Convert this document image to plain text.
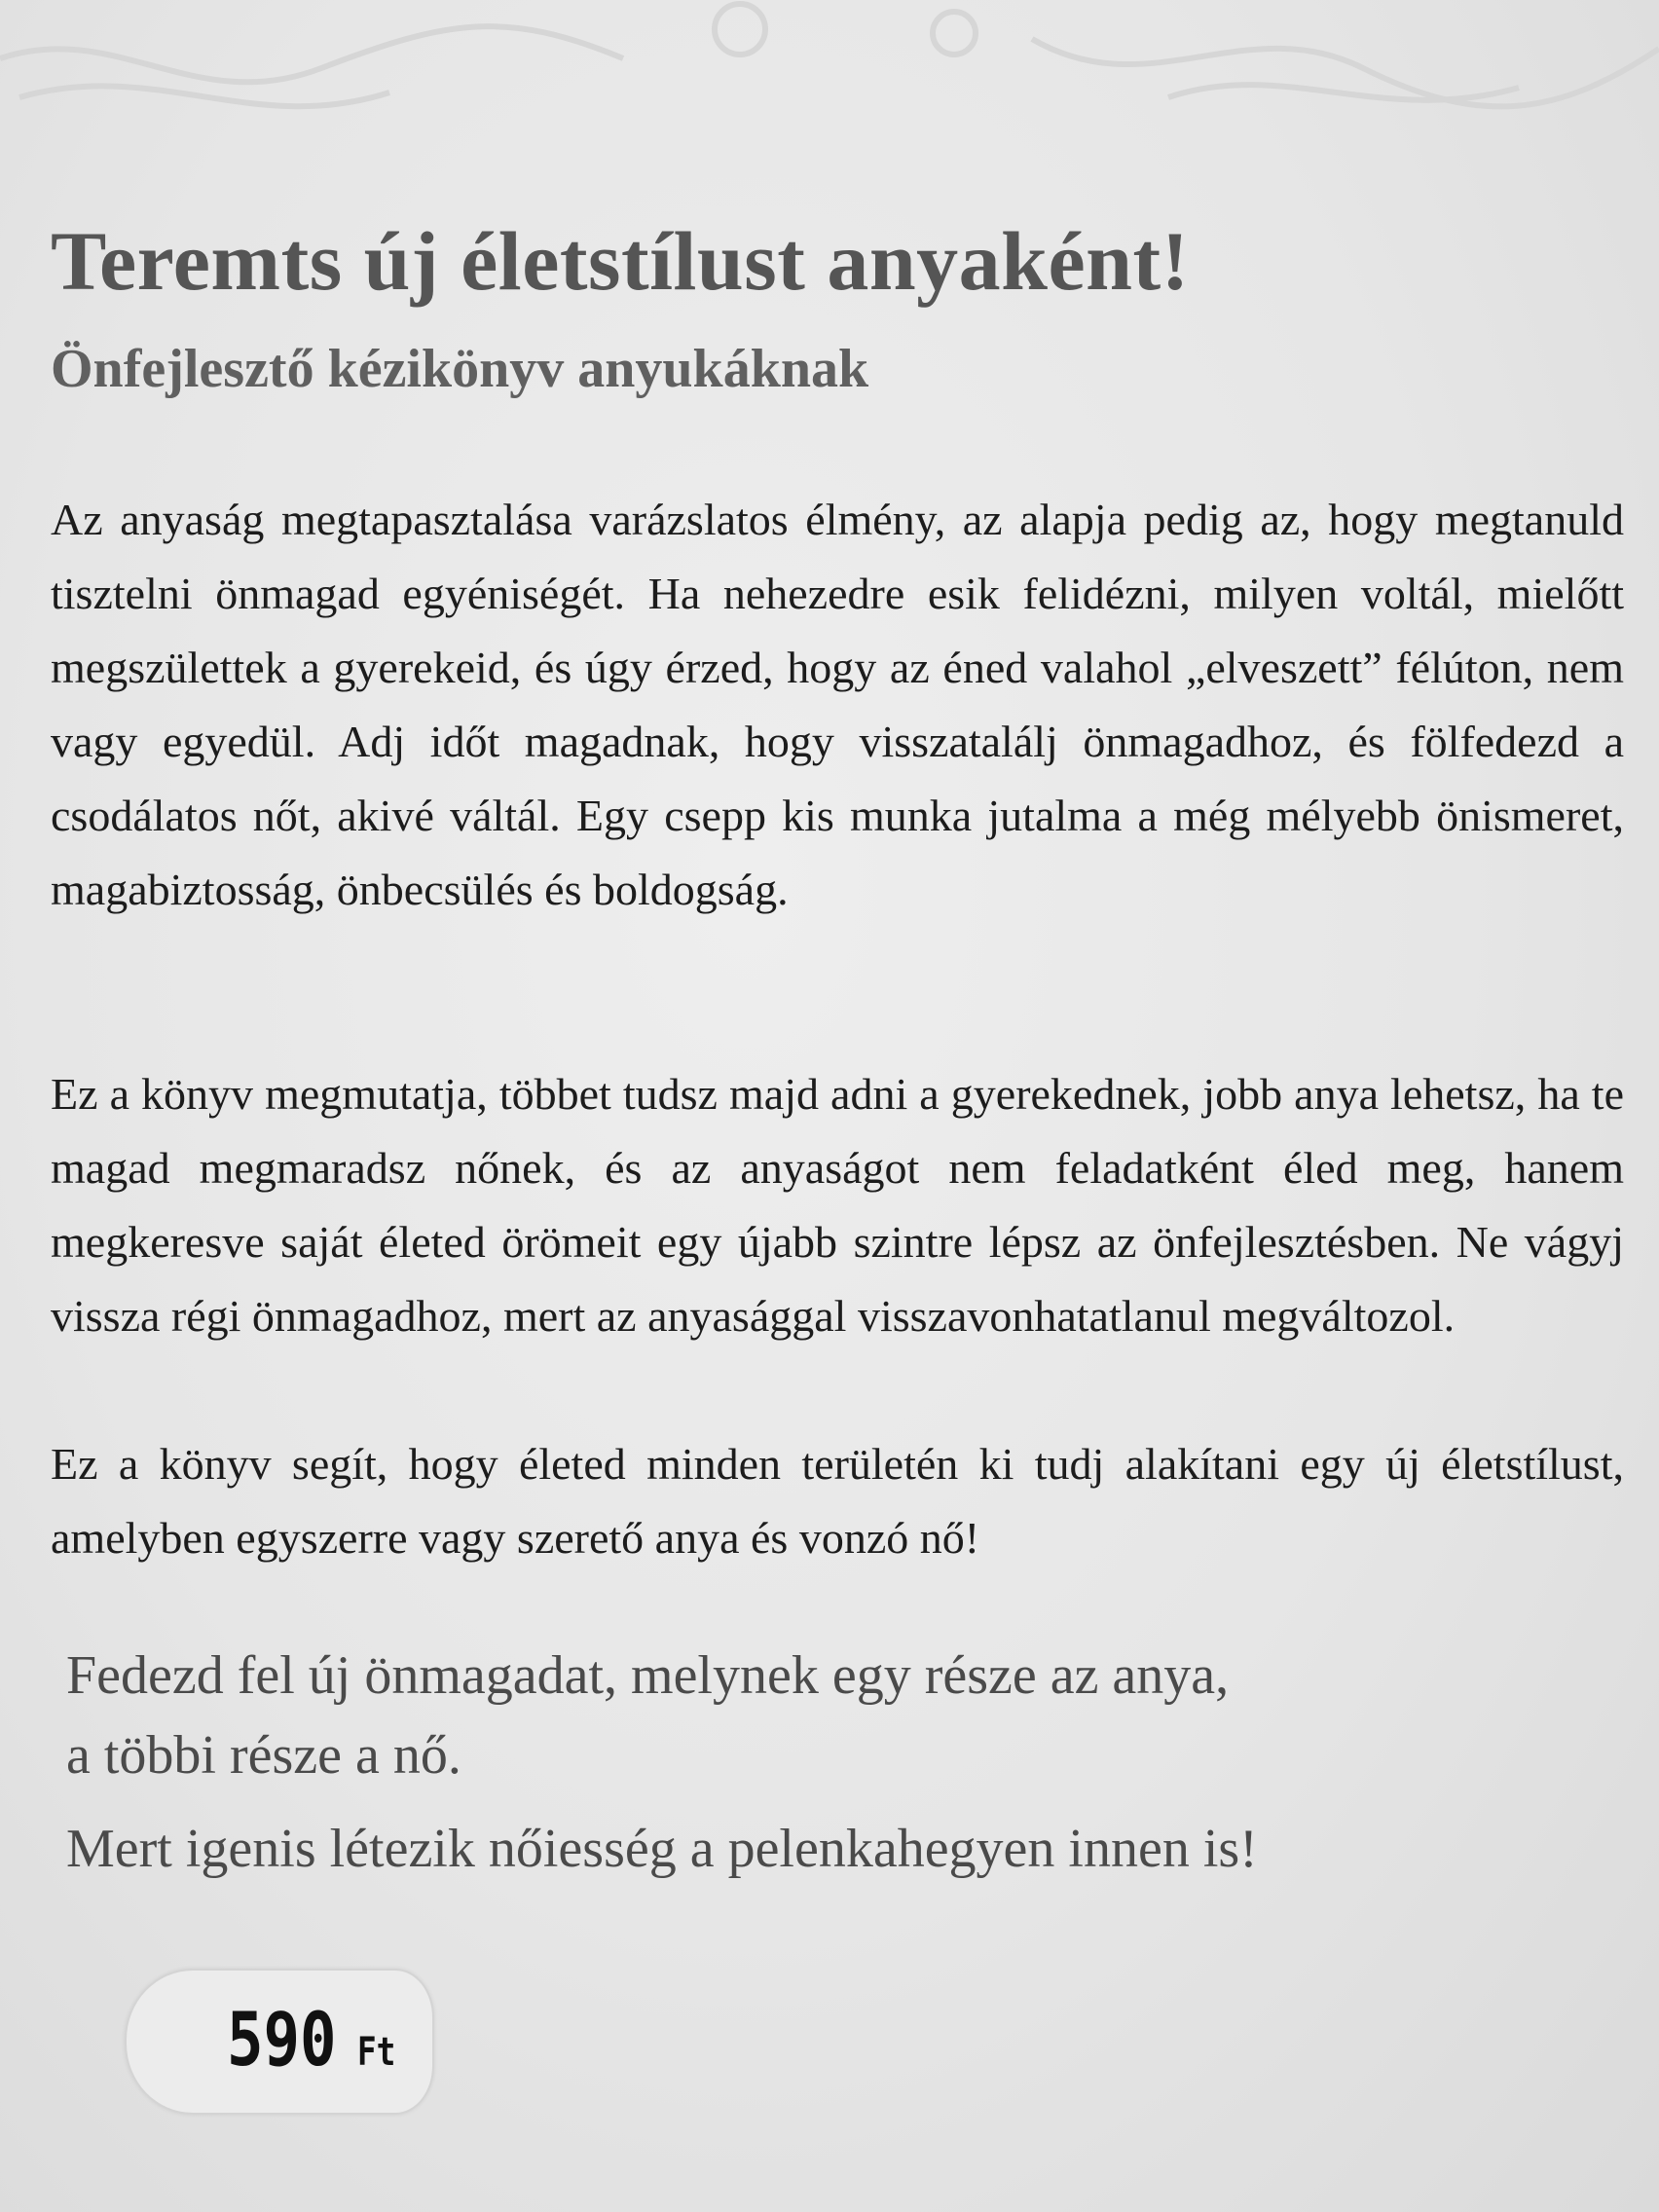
Teremts új életstílust anyaként!
Önfejlesztő kézikönyv anyukáknak

Az anyaság megtapasztalása varázslatos élmény, az alapja pedig az, hogy megtanuld tisztelni önmagad egyéniségét. Ha nehezedre esik felidézni, milyen voltál, mielőtt megszülettek a gyerekeid, és úgy érzed, hogy az éned valahol „elveszett” félúton, nem vagy egyedül. Adj időt magadnak, hogy visszatalálj önmagadhoz, és fölfedezd a csodálatos nőt, akivé váltál. Egy csepp kis munka jutalma a még mélyebb önismeret, magabiztosság, önbecsülés és boldogság.

Ez a könyv megmutatja, többet tudsz majd adni a gyerekednek, jobb anya lehetsz, ha te magad megmaradsz nőnek, és az anyaságot nem feladatként éled meg, hanem megkeresve saját életed örömeit egy újabb szintre lépsz az önfejlesztésben. Ne vágyj vissza régi önmagadhoz, mert az anyasággal visszavonhatatlanul megváltozol.

Ez a könyv segít, hogy életed minden területén ki tudj alakítani egy új életstílust, amelyben egyszerre vagy szerető anya és vonzó nő!

Fedezd fel új önmagadat, melynek egy része az anya,
a többi része a nő.
Mert igenis létezik nőiesség a pelenkahegyen innen is!
590 Ft
